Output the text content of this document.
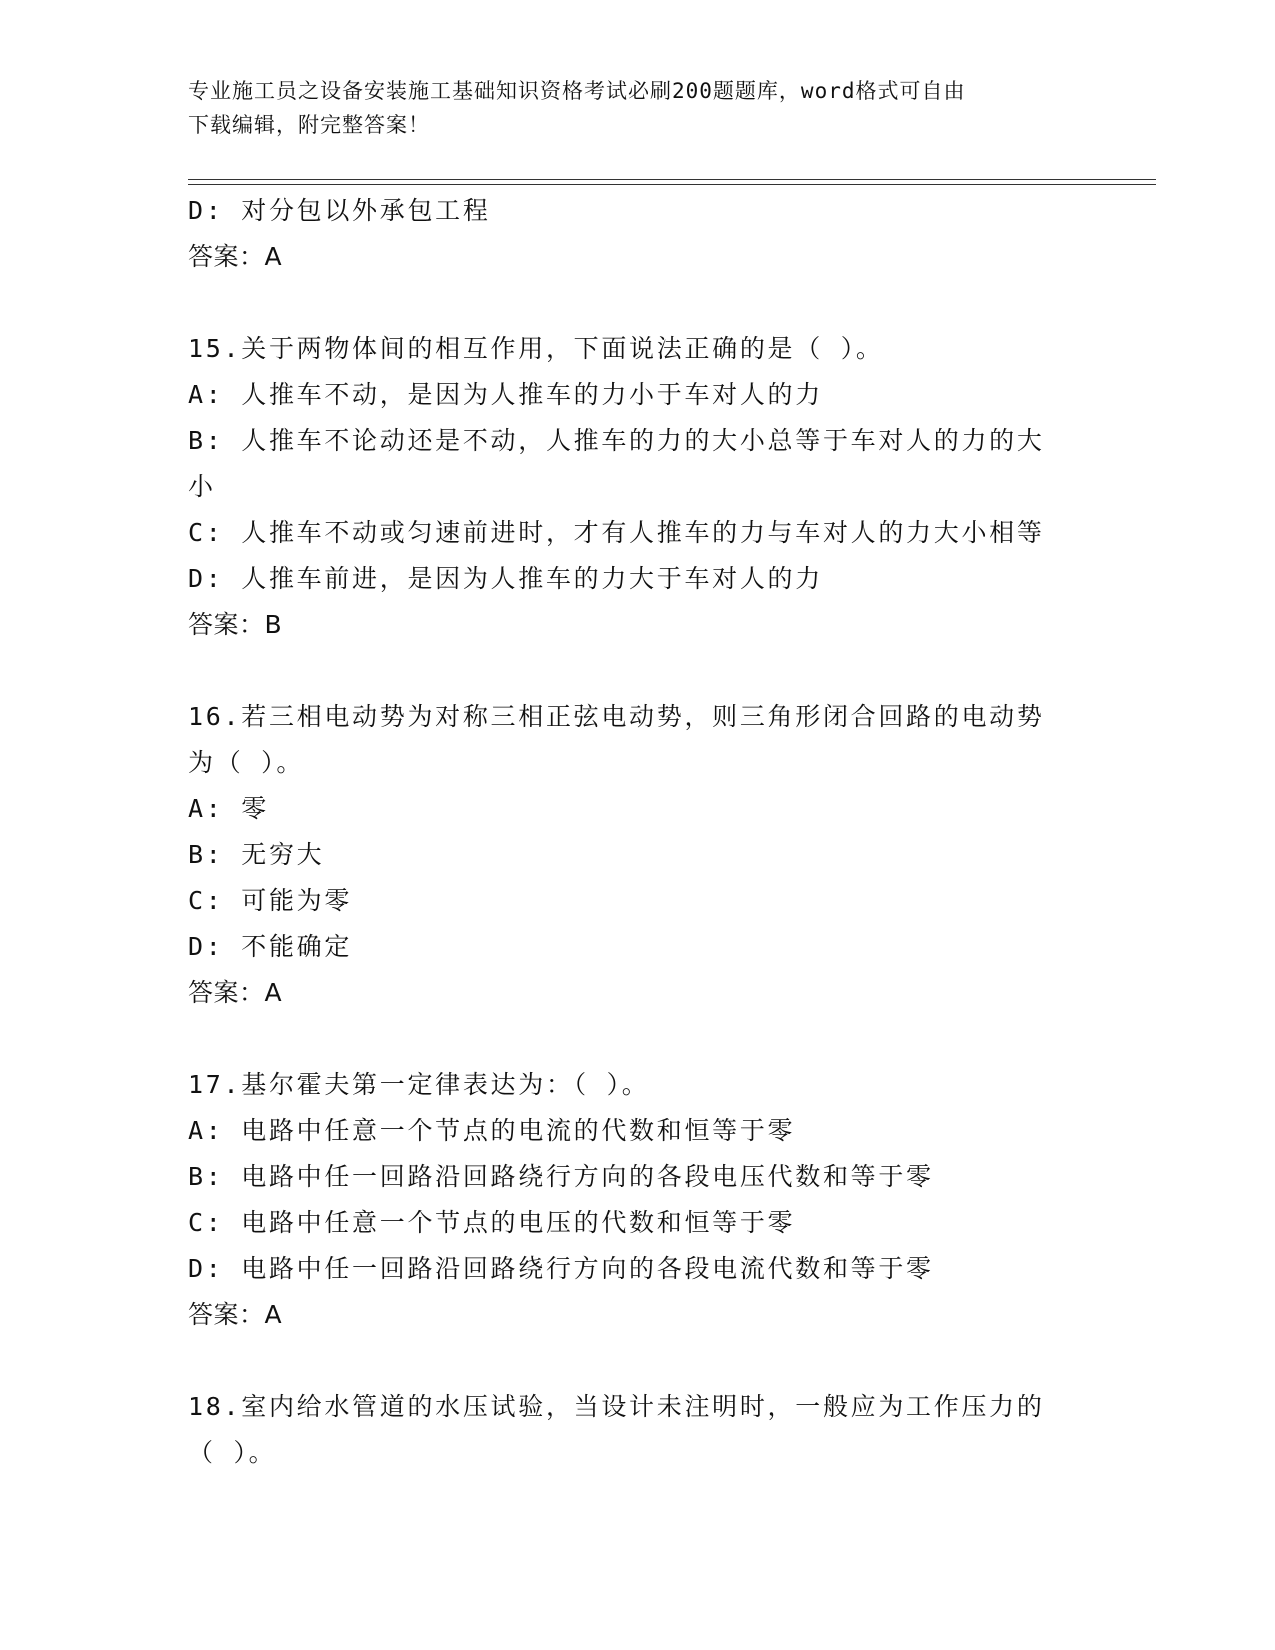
专业施工员之设备安装施工基础知识资格考试必刷200题题库，word格式可自由
下载编辑，附完整答案！
D: 对分包以外承包工程
答案：A
15.关于两物体间的相互作用，下面说法正确的是（ ）。
A: 人推车不动，是因为人推车的力小于车对人的力
B: 人推车不论动还是不动，人推车的力的大小总等于车对人的力的大
小
C: 人推车不动或匀速前进时，才有人推车的力与车对人的力大小相等
D: 人推车前进，是因为人推车的力大于车对人的力
答案：B
16.若三相电动势为对称三相正弦电动势，则三角形闭合回路的电动势
为（ ）。
A: 零
B: 无穷大
C: 可能为零
D: 不能确定
答案：A
17.基尔霍夫第一定律表达为：（ ）。
A: 电路中任意一个节点的电流的代数和恒等于零
B: 电路中任一回路沿回路绕行方向的各段电压代数和等于零
C: 电路中任意一个节点的电压的代数和恒等于零
D: 电路中任一回路沿回路绕行方向的各段电流代数和等于零
答案：A
18.室内给水管道的水压试验，当设计未注明时，一般应为工作压力的
（ ）。
